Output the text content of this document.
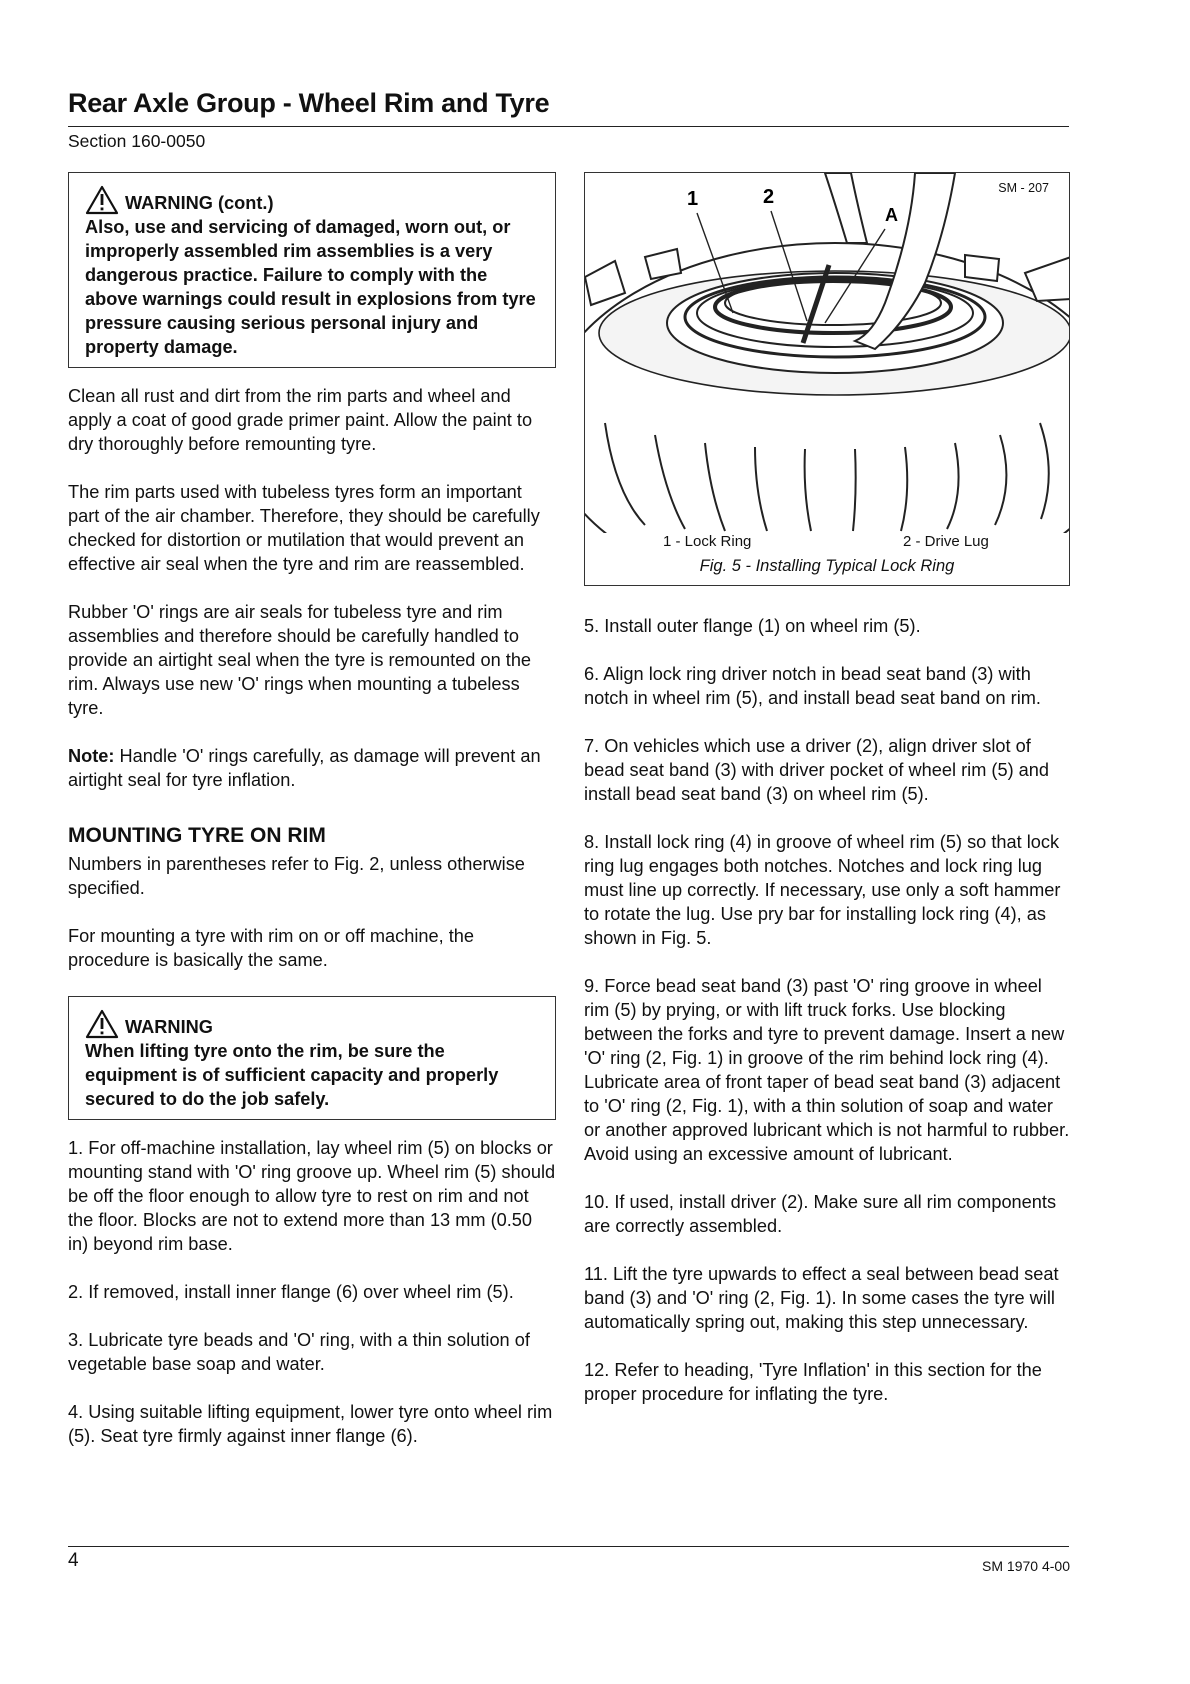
Rear Axle Group - Wheel Rim and Tyre
Section 160-0050
WARNING (cont.)

Also, use and servicing of damaged, worn out, or improperly assembled rim assemblies is a very dangerous practice. Failure to comply with the above warnings could result in explosions from tyre pressure causing serious personal injury and property damage.

Clean all rust and dirt from the rim parts and wheel and apply a coat of good grade primer paint. Allow the paint to dry thoroughly before remounting tyre.

The rim parts used with tubeless tyres form an important part of the air chamber. Therefore, they should be carefully checked for distortion or mutilation that would prevent an effective air seal when the tyre and rim are reassembled.

Rubber 'O' rings are air seals for tubeless tyre and rim assemblies and therefore should be carefully handled to provide an airtight seal when the tyre is remounted on the rim. Always use new 'O' rings when mounting a tubeless tyre.

Note: Handle 'O' rings carefully, as damage will prevent an airtight seal for tyre inflation.

MOUNTING TYRE ON RIM

Numbers in parentheses refer to Fig. 2, unless otherwise specified.

For mounting a tyre with rim on or off machine, the procedure is basically the same.

WARNING

When lifting tyre onto the rim, be sure the equipment is of sufficient capacity and properly secured to do the job safely.

1. For off-machine installation, lay wheel rim (5) on blocks or mounting stand with 'O' ring groove up. Wheel rim (5) should be off the floor enough to allow tyre to rest on rim and not the floor. Blocks are not to extend more than 13 mm (0.50 in) beyond rim base.

2. If removed, install inner flange (6) over wheel rim (5).

3. Lubricate tyre beads and 'O' ring, with a thin solution of vegetable base soap and water.

4. Using suitable lifting equipment, lower tyre onto wheel rim (5). Seat tyre firmly against inner flange (6).

1	2
A
SM - 207
1 - Lock Ring	2 - Drive Lug
Fig. 5 - Installing Typical Lock Ring

5. Install outer flange (1) on wheel rim (5).

6. Align lock ring driver notch in bead seat band (3) with notch in wheel rim (5), and install bead seat band on rim.

7. On vehicles which use a driver (2), align driver slot of bead seat band (3) with driver pocket of wheel rim (5) and install bead seat band (3) on wheel rim (5).

8. Install lock ring (4) in groove of wheel rim (5) so that lock ring lug engages both notches. Notches and lock ring lug must line up correctly. If necessary, use only a soft hammer to rotate the lug. Use pry bar for installing lock ring (4), as shown in Fig. 5.

9. Force bead seat band (3) past 'O' ring groove in wheel rim (5) by prying, or with lift truck forks. Use blocking between the forks and tyre to prevent damage. Insert a new 'O' ring (2, Fig. 1) in groove of the rim behind lock ring (4). Lubricate area of front taper of bead seat band (3) adjacent to 'O' ring (2, Fig. 1), with a thin solution of soap and water or another approved lubricant which is not harmful to rubber. Avoid using an excessive amount of lubricant.

10. If used, install driver (2). Make sure all rim components are correctly assembled.

11. Lift the tyre upwards to effect a seal between bead seat band (3) and 'O' ring (2, Fig. 1). In some cases the tyre will automatically spring out, making this step unnecessary.

12. Refer to heading, 'Tyre Inflation' in this section for the proper procedure for inflating the tyre.

4	SM 1970 4-00
